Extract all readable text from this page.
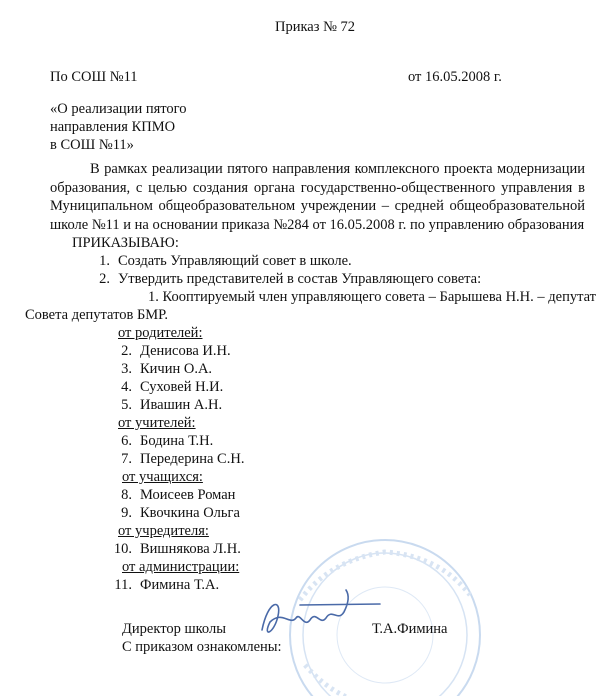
Приказ № 72
По СОШ №11	от 16.05.2008 г.
«О реализации пятого
направления КПМО
в СОШ №11»
В рамках реализации пятого направления комплексного проекта модернизации образования, с целью создания органа государственно-общественного управления в Муниципальном общеобразовательном учреждении – средней общеобразовательной школе №11 и на основании приказа №284 от 16.05.2008 г. по управлению образования
ПРИКАЗЫВАЮ:
1. Создать Управляющий совет в школе.
2. Утвердить представителей в состав Управляющего совета:
1. Кооптируемый член управляющего совета – Барышева Н.Н. – депутат
Совета депутатов БМР.
от родителей:
2. Денисова И.Н.
3. Кичин О.А.
4. Суховей Н.И.
5. Ивашин А.Н.
от учителей:
6. Бодина Т.Н.
7. Передерина С.Н.
от учащихся:
8. Моисеев Роман
9. Квочкина Ольга
от учредителя:
10. Вишнякова Л.Н.
от администрации:
11. Фимина Т.А.
Директор школы	Т.А.Фимина
С приказом ознакомлены:
